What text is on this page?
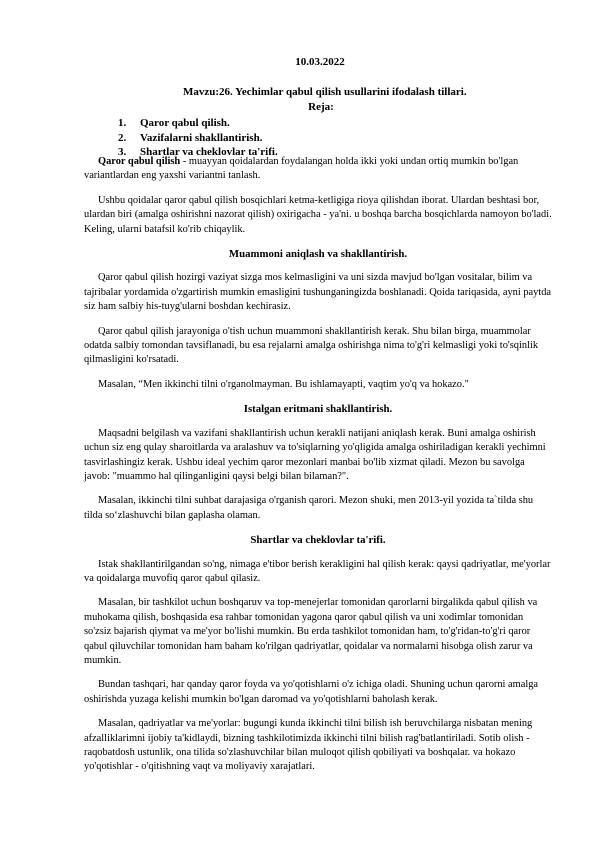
10.03.2022
Mavzu:26. Yechimlar qabul qilish usullarini ifodalash tillari.
Reja:
1. Qaror qabul qilish.
2. Vazifalarni shakllantirish.
3. Shartlar va cheklovlar ta'rifi.

Qaror qabul qilish - muayyan qoidalardan foydalangan holda ikki yoki undan ortiq mumkin bo'lgan variantlardan eng yaxshi variantni tanlash.

Ushbu qoidalar qaror qabul qilish bosqichlari ketma-ketligiga rioya qilishdan iborat. Ulardan beshtasi bor, ulardan biri (amalga oshirishni nazorat qilish) oxirigacha - ya'ni. u boshqa barcha bosqichlarda namoyon bo'ladi. Keling, ularni batafsil ko'rib chiqaylik.

Muammoni aniqlash va shakllantirish.

Qaror qabul qilish hozirgi vaziyat sizga mos kelmasligini va uni sizda mavjud bo'lgan vositalar, bilim va tajribalar yordamida o'zgartirish mumkin emasligini tushunganingizda boshlanadi. Qoida tariqasida, ayni paytda siz ham salbiy his-tuyg'ularni boshdan kechirasiz.

Qaror qabul qilish jarayoniga o'tish uchun muammoni shakllantirish kerak. Shu bilan birga, muammolar odatda salbiy tomondan tavsiflanadi, bu esa rejalarni amalga oshirishga nima to'g'ri kelmasligi yoki to'sqinlik qilmasligini ko'rsatadi.

Masalan, “Men ikkinchi tilni o'rganolmayman. Bu ishlamayapti, vaqtim yo'q va hokazo."

Istalgan eritmani shakllantirish.

Maqsadni belgilash va vazifani shakllantirish uchun kerakli natijani aniqlash kerak. Buni amalga oshirish uchun siz eng qulay sharoitlarda va aralashuv va to'siqlarning yo'qligida amalga oshiriladigan kerakli yechimni tasvirlashingiz kerak. Ushbu ideal yechim qaror mezonlari manbai bo'lib xizmat qiladi. Mezon bu savolga javob: "muammo hal qilinganligini qaysi belgi bilan bilaman?".

Masalan, ikkinchi tilni suhbat darajasiga o'rganish qarori. Mezon shuki, men 2013-yil yozida ta`tilda shu tilda so‘zlashuvchi bilan gaplasha olaman.

Shartlar va cheklovlar ta'rifi.

Istak shakllantirilgandan so'ng, nimaga e'tibor berish kerakligini hal qilish kerak: qaysi qadriyatlar, me'yorlar va qoidalarga muvofiq qaror qabul qilasiz.

Masalan, bir tashkilot uchun boshqaruv va top-menejerlar tomonidan qarorlarni birgalikda qabul qilish va muhokama qilish, boshqasida esa rahbar tomonidan yagona qaror qabul qilish va uni xodimlar tomonidan so'zsiz bajarish qiymat va me'yor bo'lishi mumkin. Bu erda tashkilot tomonidan ham, to'g'ridan-to'g'ri qaror qabul qiluvchilar tomonidan ham baham ko'rilgan qadriyatlar, qoidalar va normalarni hisobga olish zarur va mumkin.

Bundan tashqari, har qanday qaror foyda va yo'qotishlarni o'z ichiga oladi. Shuning uchun qarorni amalga oshirishda yuzaga kelishi mumkin bo'lgan daromad va yo'qotishlarni baholash kerak.

Masalan, qadriyatlar va me'yorlar: bugungi kunda ikkinchi tilni bilish ish beruvchilarga nisbatan mening afzalliklarimni ijobiy ta'kidlaydi, bizning tashkilotimizda ikkinchi tilni bilish rag'batlantiriladi. Sotib olish - raqobatdosh ustunlik, ona tilida so'zlashuvchilar bilan muloqot qilish qobiliyati va boshqalar. va hokazo yo'qotishlar - o'qitishning vaqt va moliyaviy xarajatlari.
